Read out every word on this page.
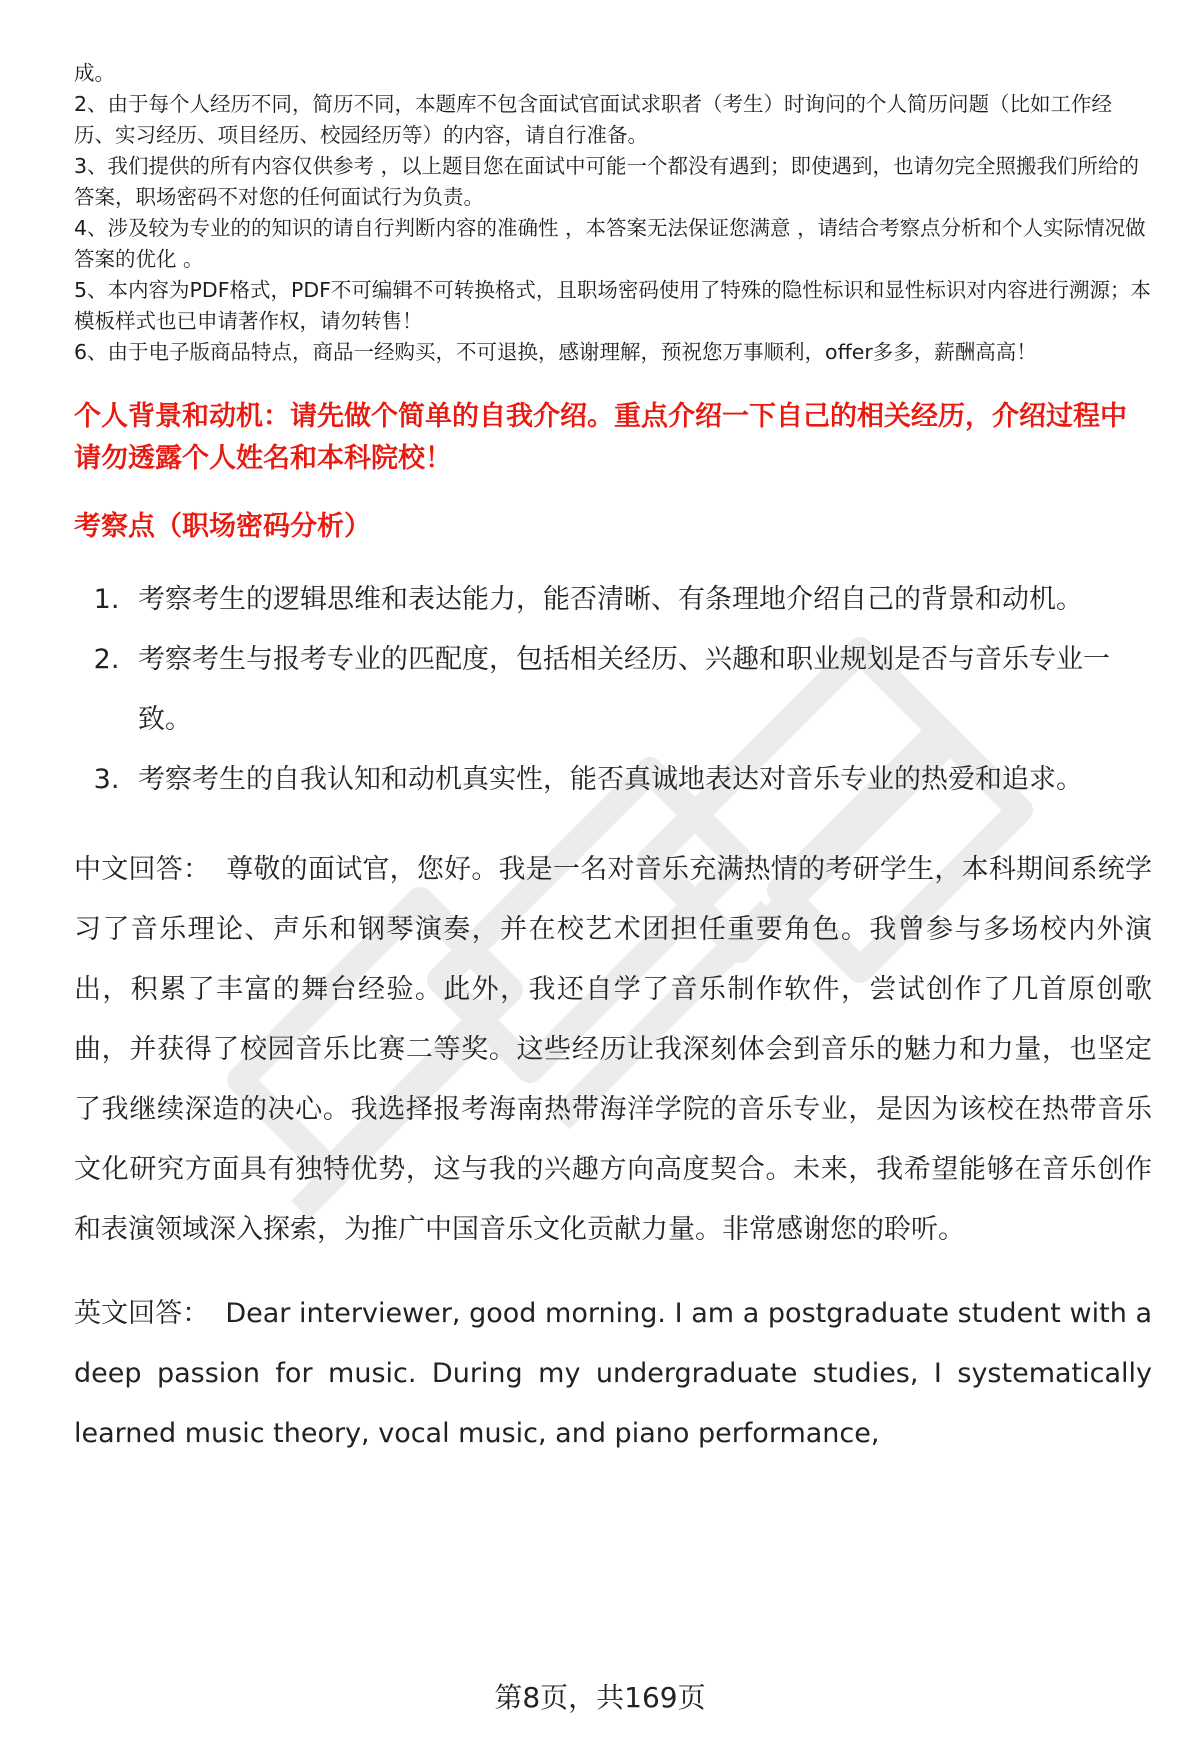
成。

2、由于每个人经历不同，简历不同，本题库不包含面试官面试求职者（考生）时询问的个人简历问题（比如工作经历、实习经历、项目经历、校园经历等）的内容，请自行准备。

3、我们提供的所有内容仅供参考 ，以上题目您在面试中可能一个都没有遇到；即使遇到，也请勿完全照搬我们所给的答案，职场密码不对您的任何面试行为负责。

4、涉及较为专业的的知识的请自行判断内容的准确性 ，本答案无法保证您满意 ，请结合考察点分析和个人实际情况做答案的优化 。

5、本内容为PDF格式，PDF不可编辑不可转换格式，且职场密码使用了特殊的隐性标识和显性标识对内容进行溯源；本模板样式也已申请著作权，请勿转售！

6、由于电子版商品特点，商品一经购买，不可退换，感谢理解，预祝您万事顺利，offer多多，薪酬高高！

个人背景和动机：请先做个简单的自我介绍。重点介绍一下自己的相关经历，介绍过程中请勿透露个人姓名和本科院校！
考察点（职场密码分析）
1. 考察考生的逻辑思维和表达能力，能否清晰、有条理地介绍自己的背景和动机。
2. 考察考生与报考专业的匹配度，包括相关经历、兴趣和职业规划是否与音乐专业一致。
3. 考察考生的自我认知和动机真实性，能否真诚地表达对音乐专业的热爱和追求。

中文回答： 尊敬的面试官，您好。我是一名对音乐充满热情的考研学生，本科期间系统学习了音乐理论、声乐和钢琴演奏，并在校艺术团担任重要角色。我曾参与多场校内外演出，积累了丰富的舞台经验。此外，我还自学了音乐制作软件，尝试创作了几首原创歌曲，并获得了校园音乐比赛二等奖。这些经历让我深刻体会到音乐的魅力和力量，也坚定了我继续深造的决心。我选择报考海南热带海洋学院的音乐专业，是因为该校在热带音乐文化研究方面具有独特优势，这与我的兴趣方向高度契合。未来，我希望能够在音乐创作和表演领域深入探索，为推广中国音乐文化贡献力量。非常感谢您的聆听。

英文回答： Dear interviewer, good morning. I am a postgraduate student with a deep passion for music. During my undergraduate studies, I systematically learned music theory, vocal music, and piano performance,

第8页，共169页
